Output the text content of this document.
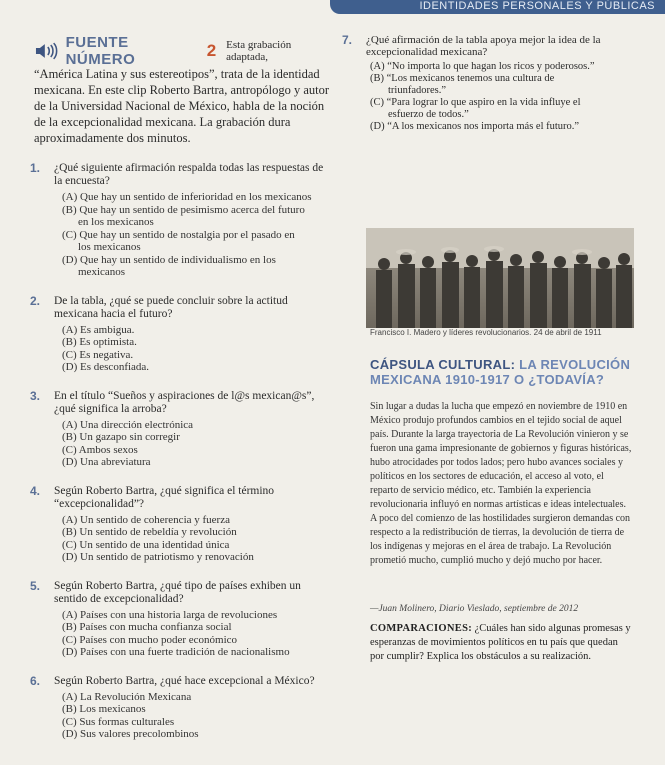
IDENTIDADES PERSONALES Y PÚBLICAS
FUENTE NÚMERO	2 Esta grabación adaptada,
“América Latina y sus estereotipos”, trata de la identidad mexicana. En este clip Roberto Bartra, antropólogo y autor de la Universidad Nacional de México, habla de la noción de la excepcionalidad mexicana. La grabación dura aproximadamente dos minutos.
1.	¿Qué siguiente afirmación respalda todas las respuestas de la encuesta?
(A) Que hay un sentido de inferioridad en los mexicanos
(B) Que hay un sentido de pesimismo acerca del futuro
en los mexicanos
(C) Que hay un sentido de nostalgia por el pasado en
los mexicanos
(D) Que hay un sentido de individualismo en los
mexicanos
2.	De la tabla, ¿qué se puede concluir sobre la actitud mexicana hacia el futuro?
(A) Es ambigua.
(B) Es optimista.
(C) Es negativa.
(D) Es desconfiada.
3.	En el título “Sueños y aspiraciones de l@s mexican@s”, ¿qué significa la arroba?
(A) Una dirección electrónica
(B) Un gazapo sin corregir
(C) Ambos sexos
(D) Una abreviatura
4.	Según Roberto Bartra, ¿qué significa el término “excepcionalidad”?
(A) Un sentido de coherencia y fuerza
(B) Un sentido de rebeldía y revolución
(C) Un sentido de una identidad única
(D) Un sentido de patriotismo y renovación
5.	Según Roberto Bartra, ¿qué tipo de países exhiben un sentido de excepcionalidad?
(A) Países con una historia larga de revoluciones
(B) Países con mucha confianza social
(C) Países con mucho poder económico
(D) Países con una fuerte tradición de nacionalismo
6.	Según Roberto Bartra, ¿qué hace excepcional a México?
(A) La Revolución Mexicana
(B) Los mexicanos
(C) Sus formas culturales
(D) Sus valores precolombinos
7.	¿Qué afirmación de la tabla apoya mejor la idea de la excepcionalidad mexicana?
(A) “No importa lo que hagan los ricos y poderosos.”
(B) “Los mexicanos tenemos una cultura de
triunfadores.”
(C) “Para lograr lo que aspiro en la vida influye el
esfuerzo de todos.”
(D) “A los mexicanos nos importa más el futuro.”
Francisco I. Madero y líderes revolucionarios. 24 de abril de 1911
CÁPSULA CULTURAL: LA REVOLUCIÓN MEXICANA 1910-1917 O ¿TODAVÍA?
Sin lugar a dudas la lucha que empezó en noviembre de 1910 en México produjo profundos cambios en el tejido social de aquel país. Durante la larga trayectoria de La Revolución vinieron y se fueron una gama impresionante de gobiernos y figuras históricas, hubo atrocidades por todos lados; pero hubo avances sociales y políticos en los sectores de educación, el acceso al voto, el reparto de servicio médico, etc. También la experiencia revolucionaria influyó en normas artísticas e ideas intelectuales. A poco del comienzo de las hostilidades surgieron demandas con respecto a la redistribución de tierras, la devolución de tierra de los indígenas y mejoras en el área de trabajo. La Revolución prometió mucho, cumplió mucho y dejó mucho por hacer.
—Juan Molinero, Diario Vieslado, septiembre de 2012
COMPARACIONES: ¿Cuáles han sido algunas promesas y esperanzas de movimientos políticos en tu país que quedan por cumplir? Explica los obstáculos a su realización.
